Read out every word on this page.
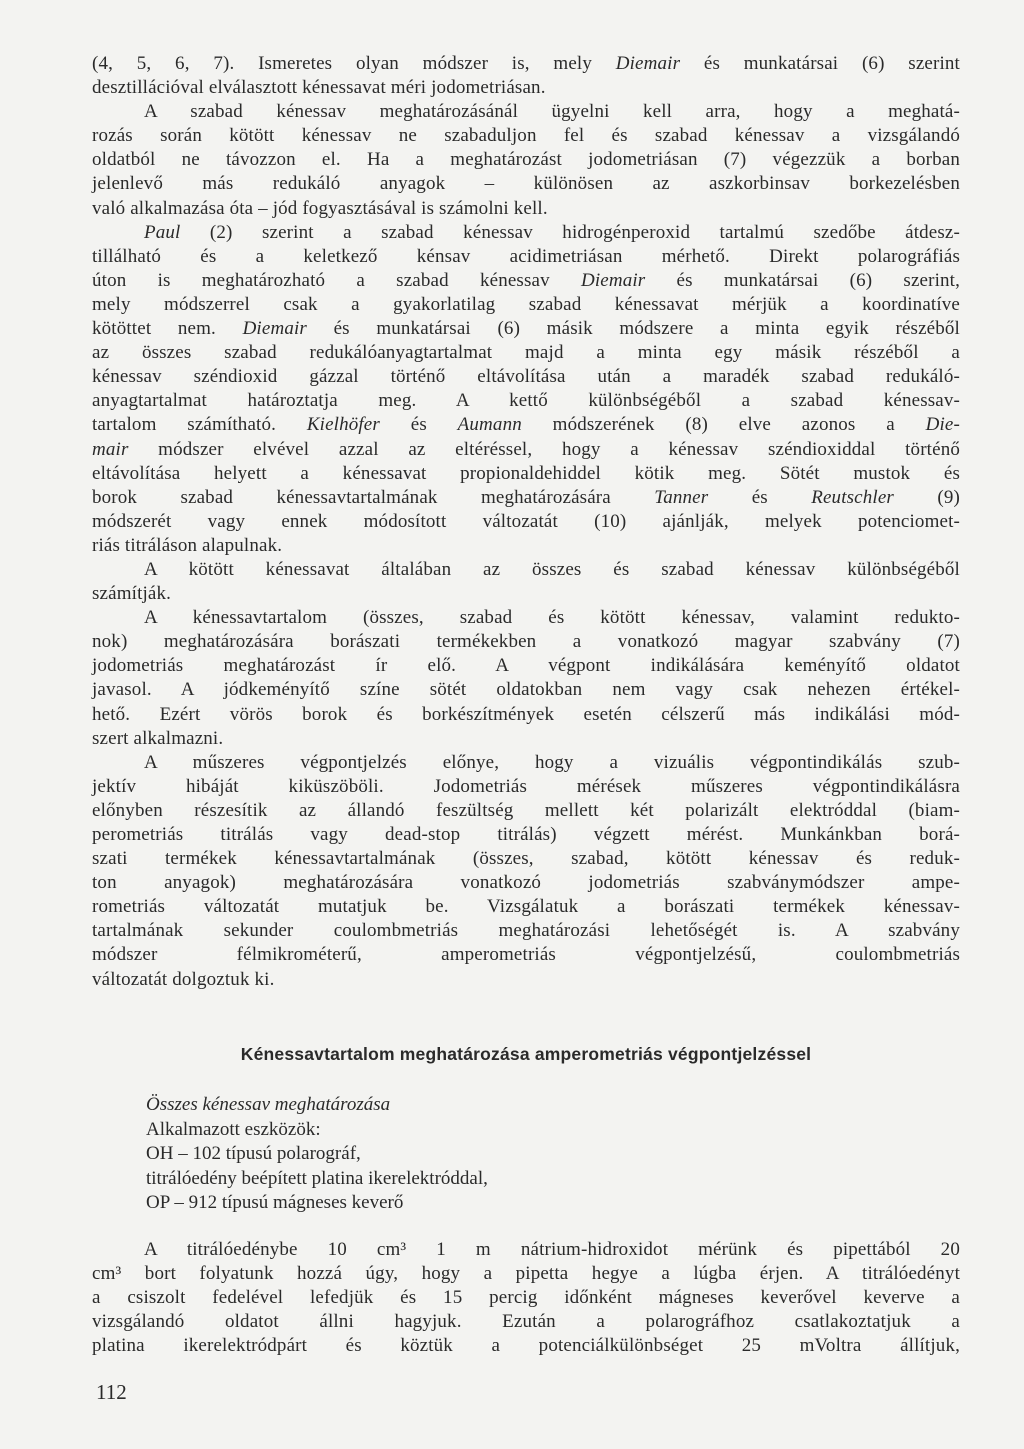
(4, 5, 6, 7). Ismeretes olyan módszer is, mely Diemair és munkatársai (6) szerint
desztillációval elválasztott kénessavat méri jodometriásan.
A szabad kénessav meghatározásánál ügyelni kell arra, hogy a meghatá-
rozás során kötött kénessav ne szabaduljon fel és szabad kénessav a vizsgálandó
oldatból ne távozzon el. Ha a meghatározást jodometriásan (7) végezzük a borban
jelenlevő más redukáló anyagok – különösen az aszkorbinsav borkezelésben
való alkalmazása óta – jód fogyasztásával is számolni kell.
Paul (2) szerint a szabad kénessav hidrogénperoxid tartalmú szedőbe átdesz-
tillálható és a keletkező kénsav acidimetriásan mérhető. Direkt polarográfiás
úton is meghatározható a szabad kénessav Diemair és munkatársai (6) szerint,
mely módszerrel csak a gyakorlatilag szabad kénessavat mérjük a koordinatíve
kötöttet nem. Diemair és munkatársai (6) másik módszere a minta egyik részéből
az összes szabad redukálóanyagtartalmat majd a minta egy másik részéből a
kénessav széndioxid gázzal történő eltávolítása után a maradék szabad redukáló-
anyagtartalmat határoztatja meg. A kettő különbségéből a szabad kénessav-
tartalom számítható. Kielhöfer és Aumann módszerének (8) elve azonos a Die-
mair módszer elvével azzal az eltéréssel, hogy a kénessav széndioxiddal történő
eltávolítása helyett a kénessavat propionaldehiddel kötik meg. Sötét mustok és
borok szabad kénessavtartalmának meghatározására Tanner és Reutschler (9)
módszerét vagy ennek módosított változatát (10) ajánlják, melyek potenciomet-
riás titráláson alapulnak.
A kötött kénessavat általában az összes és szabad kénessav különbségéből
számítják.
A kénessavtartalom (összes, szabad és kötött kénessav, valamint redukto-
nok) meghatározására borászati termékekben a vonatkozó magyar szabvány (7)
jodometriás meghatározást ír elő. A végpont indikálására keményítő oldatot
javasol. A jódkeményítő színe sötét oldatokban nem vagy csak nehezen értékel-
hető. Ezért vörös borok és borkészítmények esetén célszerű más indikálási mód-
szert alkalmazni.
A műszeres végpontjelzés előnye, hogy a vizuális végpontindikálás szub-
jektív hibáját kiküszöböli. Jodometriás mérések műszeres végpontindikálásra
előnyben részesítik az állandó feszültség mellett két polarizált elektróddal (biam-
perometriás titrálás vagy dead-stop titrálás) végzett mérést. Munkánkban borá-
szati termékek kénessavtartalmának (összes, szabad, kötött kénessav és reduk-
ton anyagok) meghatározására vonatkozó jodometriás szabványmódszer ampe-
rometriás változatát mutatjuk be. Vizsgálatuk a borászati termékek kénessav-
tartalmának sekunder coulombmetriás meghatározási lehetőségét is. A szabvány
módszer félmikrométerű, amperometriás végpontjelzésű, coulombmetriás
változatát dolgoztuk ki.
Kénessavtartalom meghatározása amperometriás végpontjelzéssel
Összes kénessav meghatározása
Alkalmazott eszközök:
OH – 102 típusú polarográf,
titrálóedény beépített platina ikerelektróddal,
OP – 912 típusú mágneses keverő
A titrálóedénybe 10 cm³ 1 m nátrium-hidroxidot mérünk és pipettából 20
cm³ bort folyatunk hozzá úgy, hogy a pipetta hegye a lúgba érjen. A titrálóedényt
a csiszolt fedelével lefedjük és 15 percig időnként mágneses keverővel keverve a
vizsgálandó oldatot állni hagyjuk. Ezután a polarográfhoz csatlakoztatjuk a
platina ikerelektródpárt és köztük a potenciálkülönbséget 25 mVoltra állítjuk,
112
